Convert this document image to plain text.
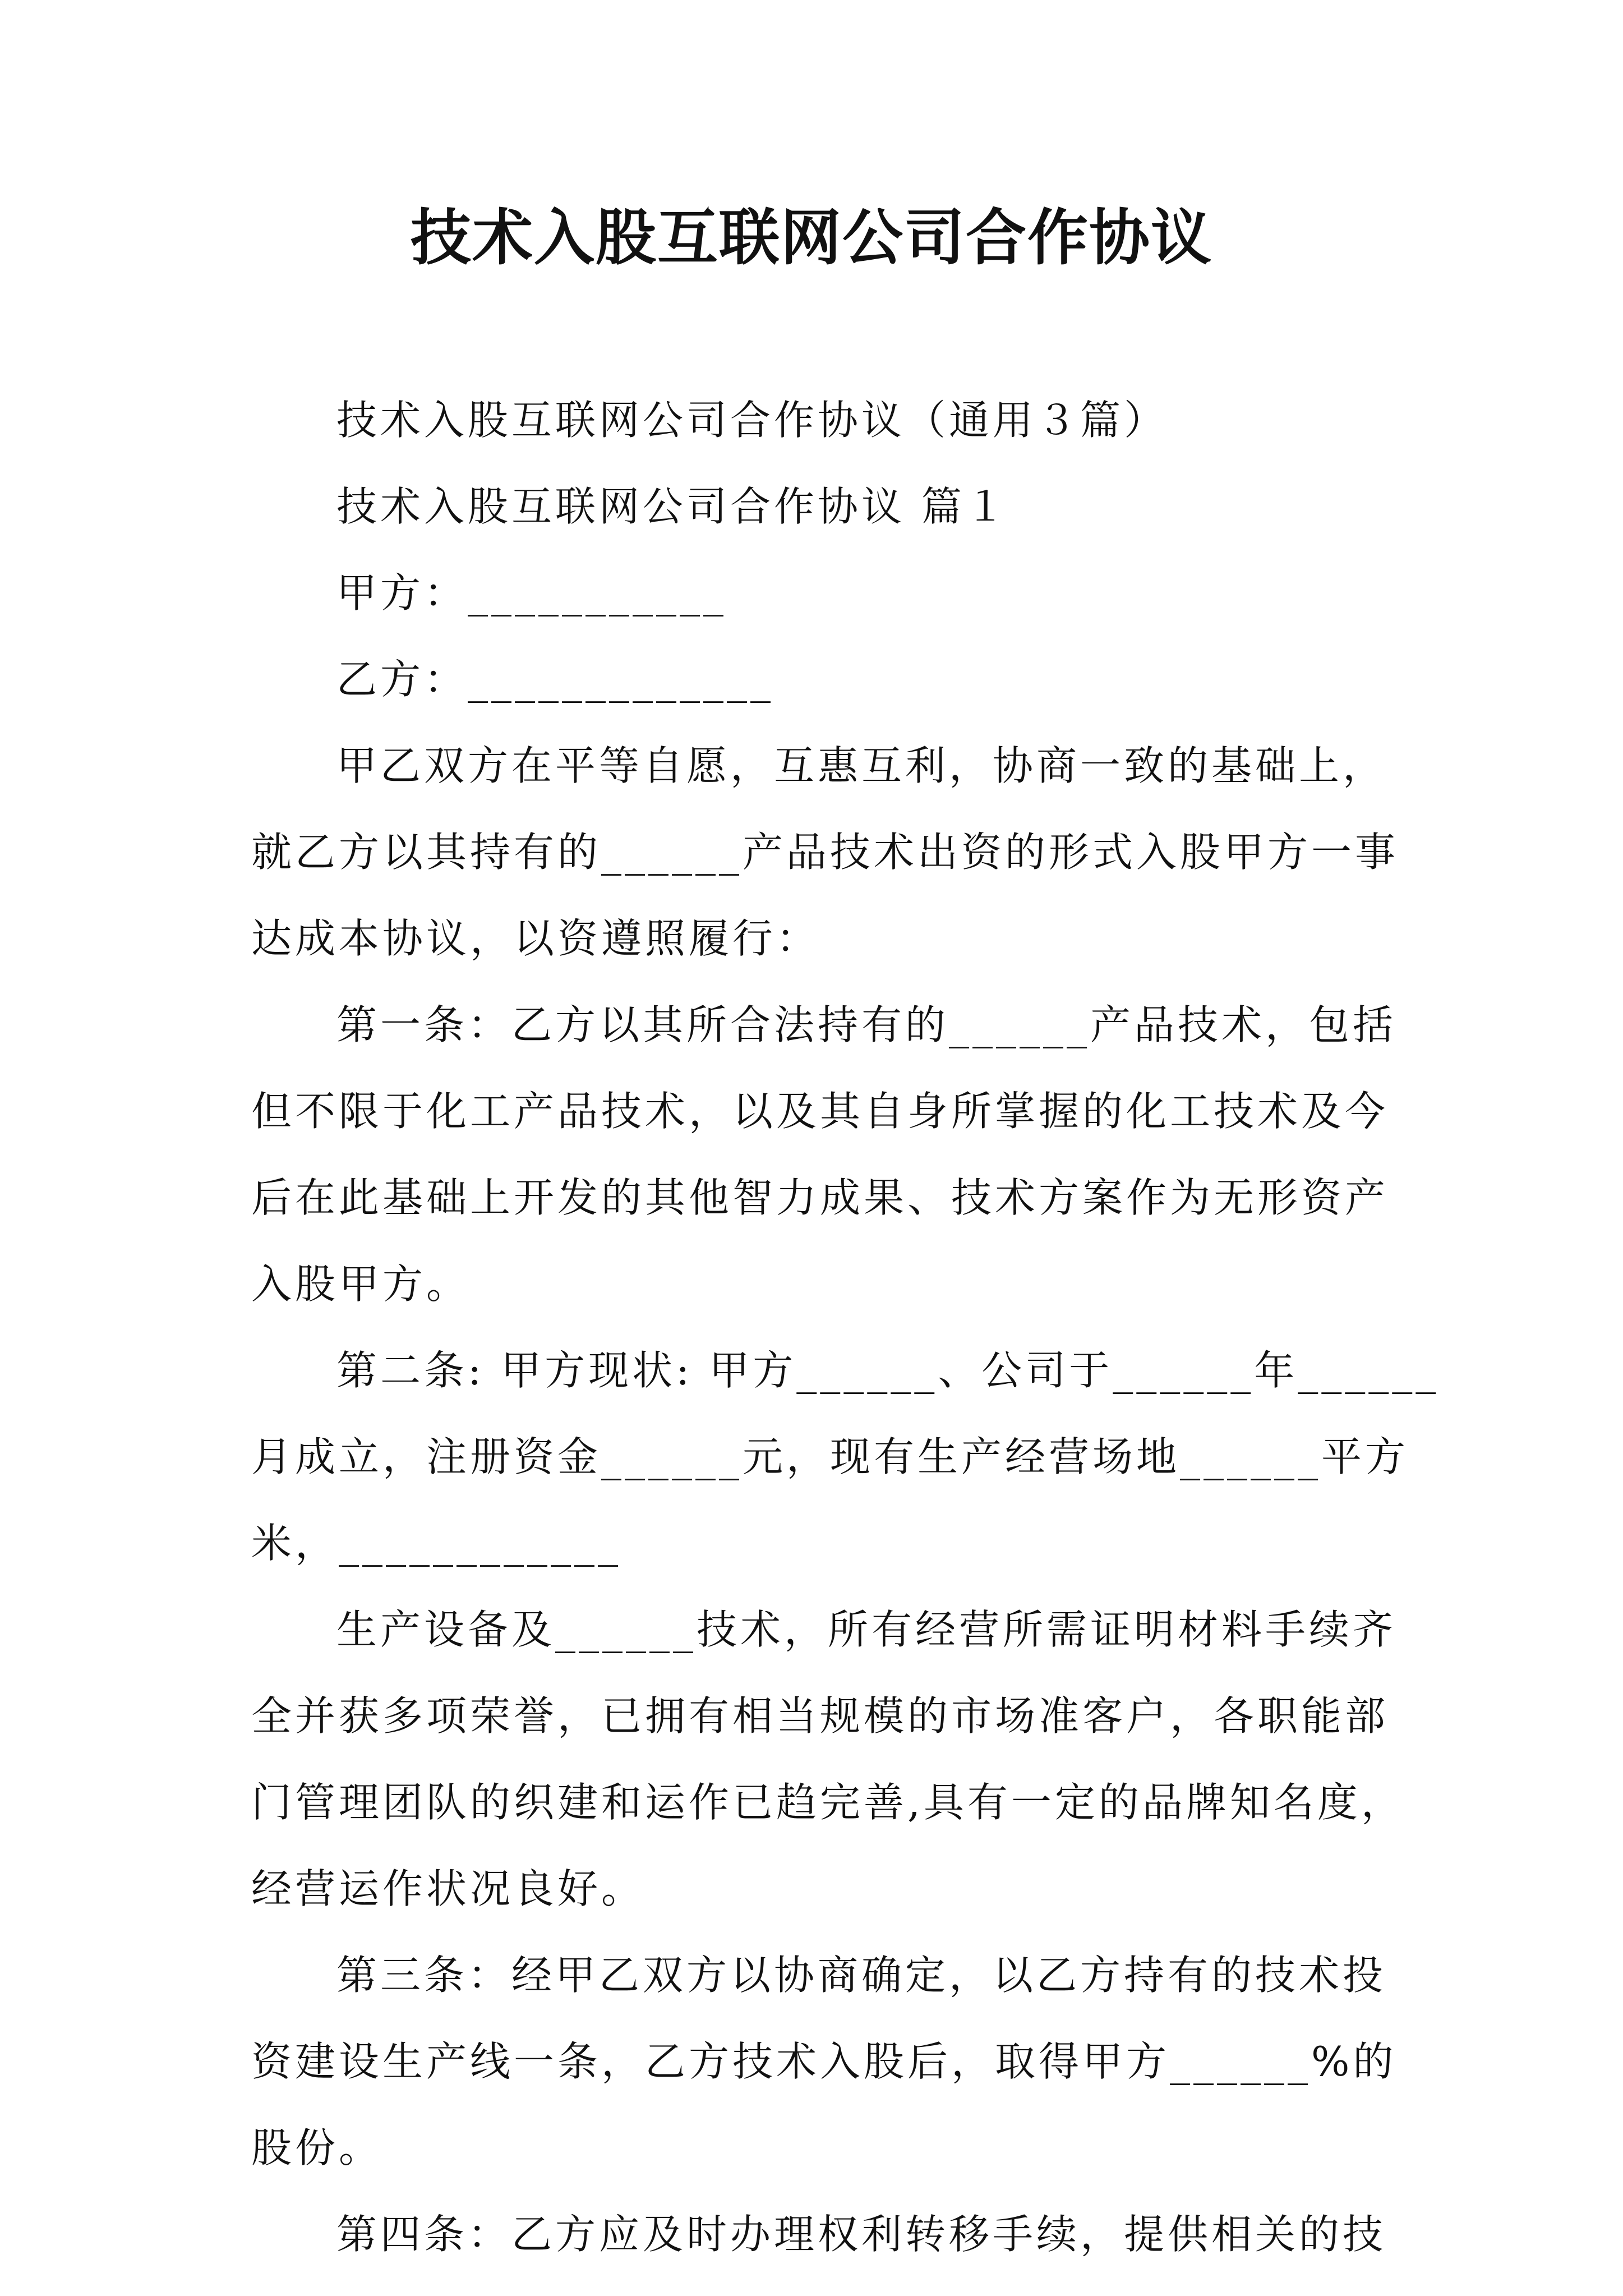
技术入股互联网公司合作协议

技术入股互联网公司合作协议（通用３篇）

技术入股互联网公司合作协议 篇１

甲方：___________

乙方：_____________

甲乙双方在平等自愿，互惠互利，协商一致的基础上，

就乙方以其持有的______产品技术出资的形式入股甲方一事

达成本协议，以资遵照履行：

第一条：乙方以其所合法持有的______产品技术，包括

但不限于化工产品技术，以及其自身所掌握的化工技术及今

后在此基础上开发的其他智力成果、技术方案作为无形资产

入股甲方。

第二条: 甲方现状: 甲方______、公司于______年______

月成立，注册资金______元，现有生产经营场地______平方

米，____________

生产设备及______技术，所有经营所需证明材料手续齐

全并获多项荣誉，已拥有相当规模的市场准客户，各职能部

门管理团队的织建和运作已趋完善,具有一定的品牌知名度，

经营运作状况良好。

第三条：经甲乙双方以协商确定，以乙方持有的技术投

资建设生产线一条，乙方技术入股后，取得甲方______%的

股份。

第四条：乙方应及时办理权利转移手续，提供相关的技
